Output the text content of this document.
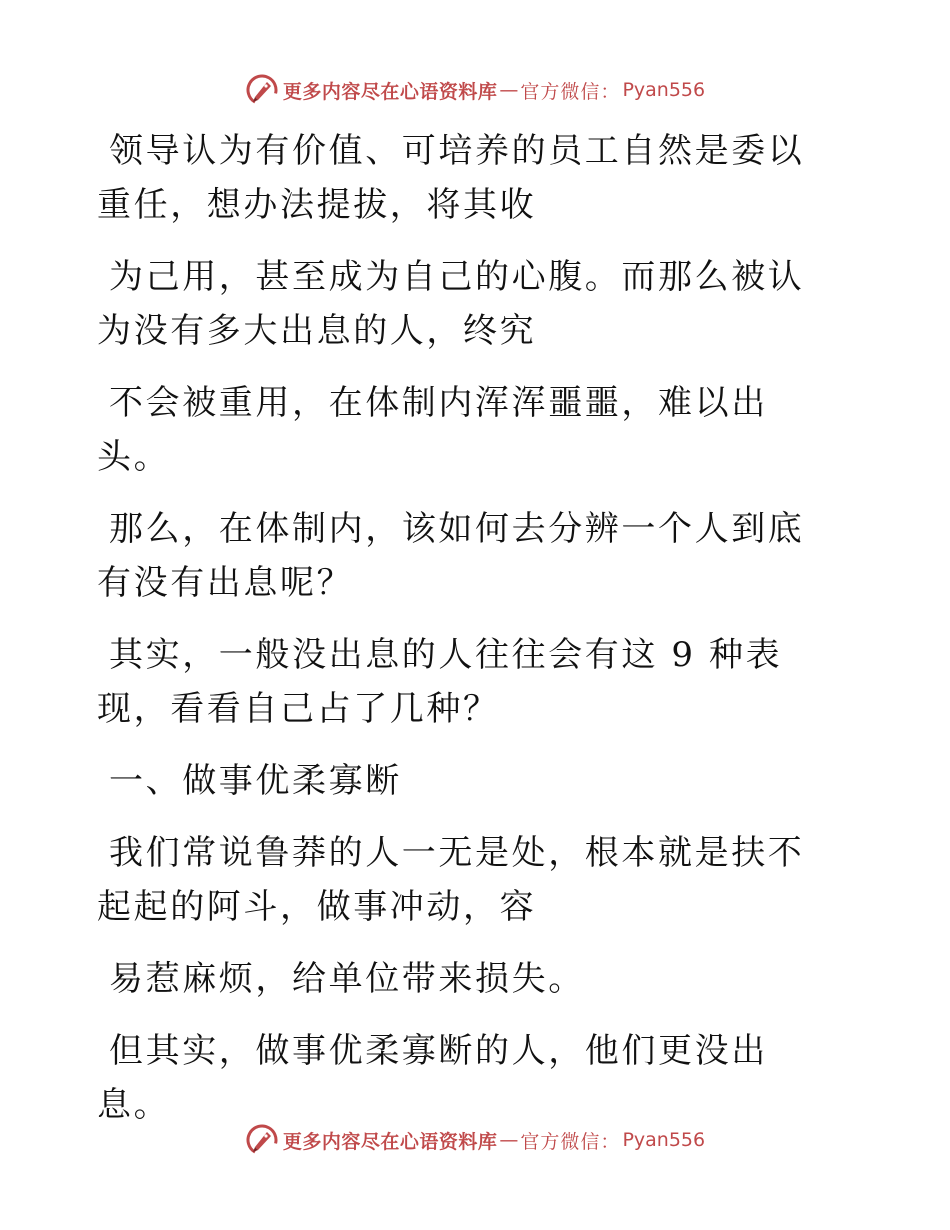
更多内容尽在心语资料库 — 官方微信： Pyan556

领导认为有价值、可培养的员工自然是委以重任，想办法提拔，将其收

为己用，甚至成为自己的心腹。而那么被认为没有多大出息的人，终究

不会被重用，在体制内浑浑噩噩，难以出头。

那么，在体制内，该如何去分辨一个人到底有没有出息呢？

其实，一般没出息的人往往会有这 9 种表现，看看自己占了几种？

一、做事优柔寡断

我们常说鲁莽的人一无是处，根本就是扶不起起的阿斗，做事冲动，容

易惹麻烦，给单位带来损失。

但其实，做事优柔寡断的人，他们更没出息。

更多内容尽在心语资料库 — 官方微信： Pyan556
